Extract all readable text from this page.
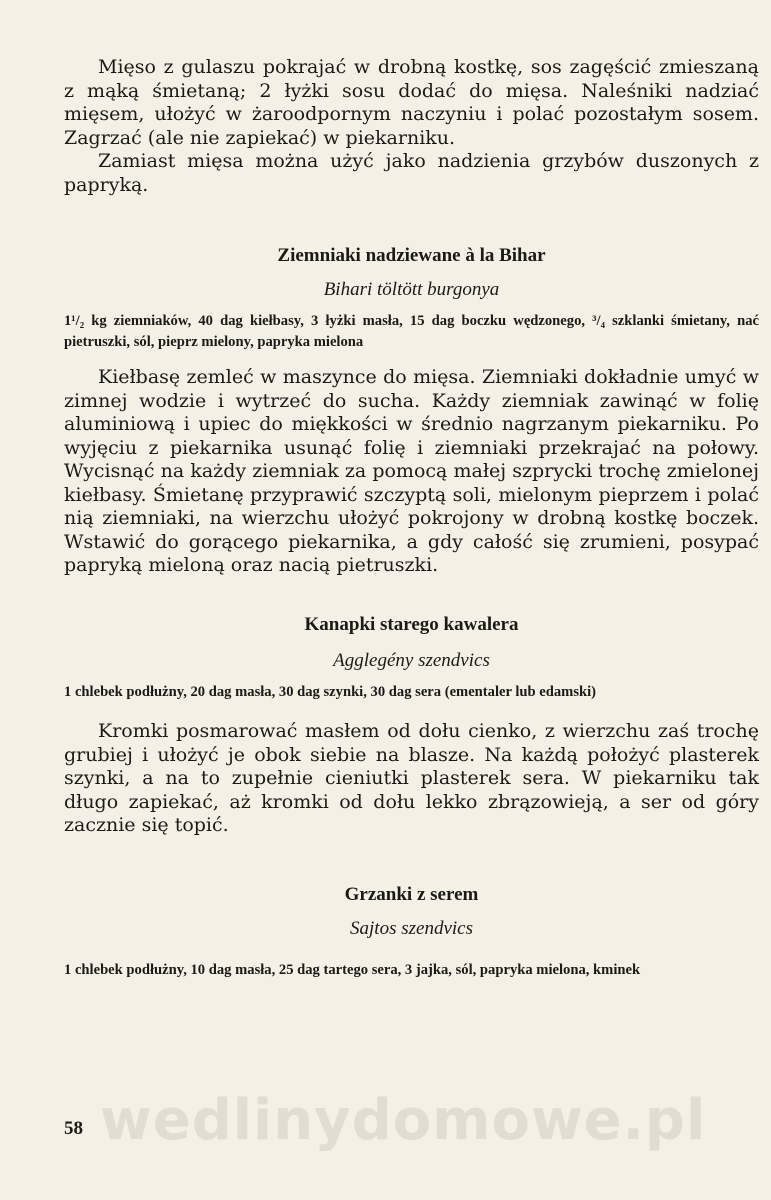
wedlinydomowe.pl

Mięso z gulaszu pokrajać w drobną kostkę, sos zagęścić zmieszaną z mąką śmietaną; 2 łyżki sosu dodać do mięsa. Naleśniki nadziać mięsem, ułożyć w żaroodpornym naczyniu i polać pozostałym sosem. Zagrzać (ale nie zapiekać) w piekarniku.

Zamiast mięsa można użyć jako nadzienia grzybów duszonych z papryką.

Ziemniaki nadziewane à la Bihar

Bihari töltött burgonya

1¹/₂ kg ziemniaków, 40 dag kiełbasy, 3 łyżki masła, 15 dag boczku wędzonego, ³/₄ szklanki śmietany, nać pietruszki, sól, pieprz mielony, papryka mielona

Kiełbasę zemleć w maszynce do mięsa. Ziemniaki dokładnie umyć w zimnej wodzie i wytrzeć do sucha. Każdy ziemniak zawinąć w folię aluminiową i upiec do miękkości w średnio nagrzanym piekarniku. Po wyjęciu z piekarnika usunąć folię i ziemniaki przekrajać na połowy. Wycisnąć na każdy ziemniak za pomocą małej szprycki trochę zmielonej kiełbasy. Śmietanę przyprawić szczyptą soli, mielonym pieprzem i polać nią ziemniaki, na wierzchu ułożyć pokrojony w drobną kostkę boczek. Wstawić do gorącego piekarnika, a gdy całość się zrumieni, posypać papryką mieloną oraz nacią pietruszki.

Kanapki starego kawalera

Agglegény szendvics

1 chlebek podłużny, 20 dag masła, 30 dag szynki, 30 dag sera (ementaler lub edamski)

Kromki posmarować masłem od dołu cienko, z wierzchu zaś trochę grubiej i ułożyć je obok siebie na blasze. Na każdą położyć plasterek szynki, a na to zupełnie cieniutki plasterek sera. W piekarniku tak długo zapiekać, aż kromki od dołu lekko zbrązowieją, a ser od góry zacznie się topić.

Grzanki z serem

Sajtos szendvics

1 chlebek podłużny, 10 dag masła, 25 dag tartego sera, 3 jajka, sól, papryka mielona, kminek

58
